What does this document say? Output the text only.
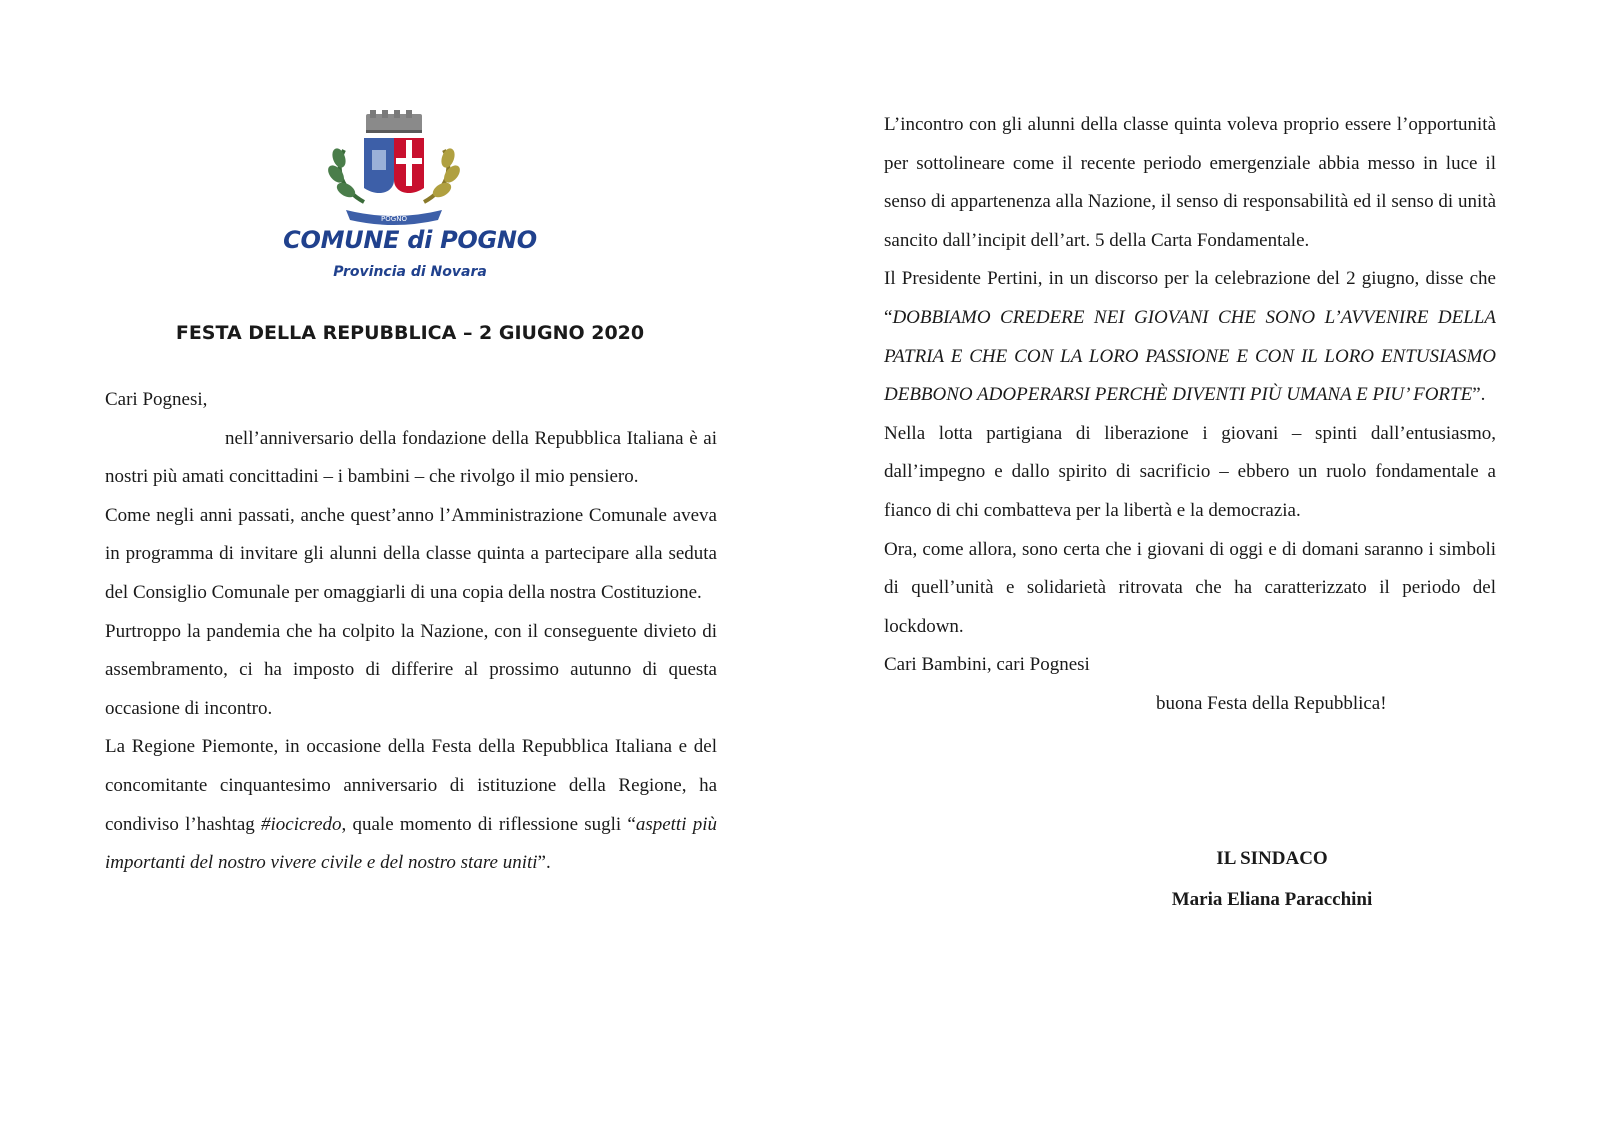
POGNO
COMUNE di POGNO
Provincia di Novara
FESTA DELLA REPUBBLICA – 2 GIUGNO 2020

Cari Pognesi,

nell’anniversario della fondazione della Repubblica Italiana è ai nostri più amati concittadini – i bambini – che rivolgo il mio pensiero.

Come negli anni passati, anche quest’anno l’Amministrazione Comunale aveva in programma di invitare gli alunni della classe quinta a partecipare alla seduta del Consiglio Comunale per omaggiarli di una copia della nostra Costituzione.

Purtroppo la pandemia che ha colpito la Nazione, con il conseguente divieto di assembramento, ci ha imposto di differire al prossimo autunno di questa occasione di incontro.

La Regione Piemonte, in occasione della Festa della Repubblica Italiana e del concomitante cinquantesimo anniversario di istituzione della Regione, ha condiviso l’hashtag #iocicredo, quale momento di riflessione sugli “aspetti più importanti del nostro vivere civile e del nostro stare uniti”.

L’incontro con gli alunni della classe quinta voleva proprio essere l’opportunità per sottolineare come il recente periodo emergenziale abbia messo in luce il senso di appartenenza alla Nazione, il senso di responsabilità ed il senso di unità sancito dall’incipit dell’art. 5 della Carta Fondamentale.

Il Presidente Pertini, in un discorso per la celebrazione del 2 giugno, disse che “DOBBIAMO CREDERE NEI GIOVANI CHE SONO L’AVVENIRE DELLA PATRIA E CHE CON LA LORO PASSIONE E CON IL LORO ENTUSIASMO DEBBONO ADOPERARSI PERCHÈ DIVENTI PIÙ UMANA E PIU’ FORTE”.

Nella lotta partigiana di liberazione i giovani – spinti dall’entusiasmo, dall’impegno e dallo spirito di sacrificio – ebbero un ruolo fondamentale a fianco di chi combatteva per la libertà e la democrazia.

Ora, come allora, sono certa che i giovani di oggi e di domani saranno i simboli di quell’unità e solidarietà ritrovata che ha caratterizzato il periodo del lockdown.

Cari Bambini, cari Pognesi

buona Festa della Repubblica!

IL SINDACO
Maria Eliana Paracchini
